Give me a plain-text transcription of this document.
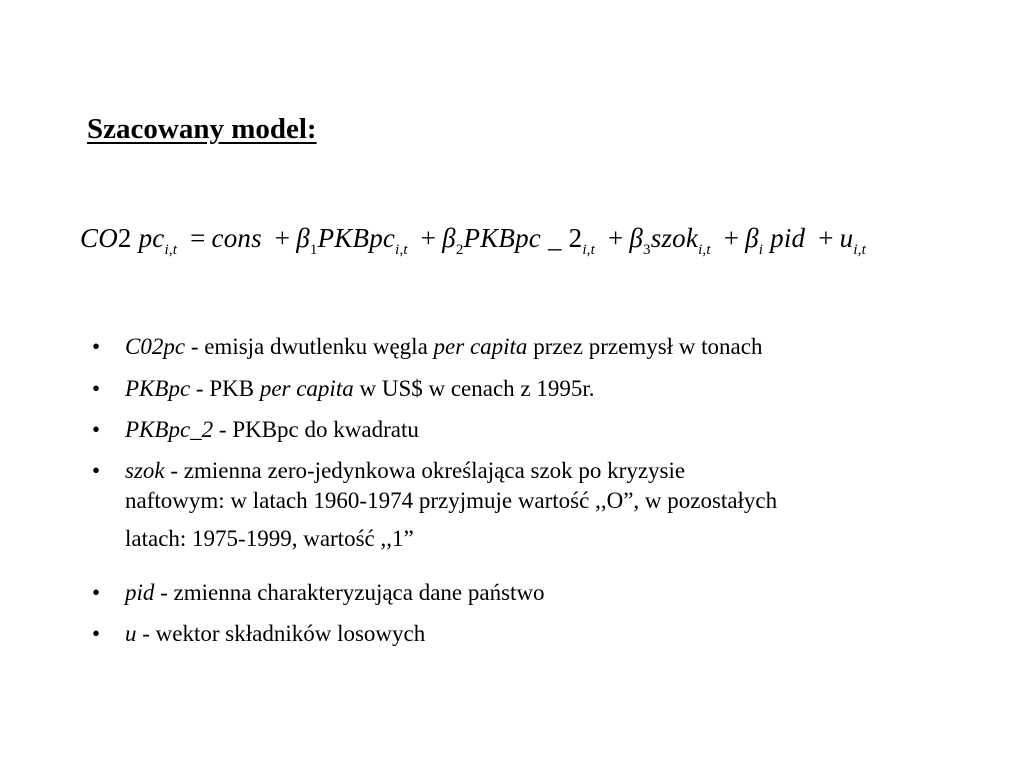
Szacowany model:
CO2 $pc_{i,t}$ = cons + $\beta_1PKBpc_{i,t}$ + $\beta_2PKBpc$ _ $2_{i,t}$ + $\beta_3szok_{i,t} + \beta_i$ pid + $u_{i,t}$
• C02pc - emisja dwutlenku węgla per capita przez przemysł w tonach
• PKBpc - PKB per capita w US$ w cenach z 1995r.
• PKBpc_2 - PKBpc do kwadratu
• szok - zmienna zero-jedynkowa określająca szok po kryzysie
naftowym: w latach 1960-1974 przyjmuje wartość ,,O”, w pozostałych
latach: 1975-1999, wartość ,,1”
• pid - zmienna charakteryzująca dane państwo
• u - wektor składników losowych
